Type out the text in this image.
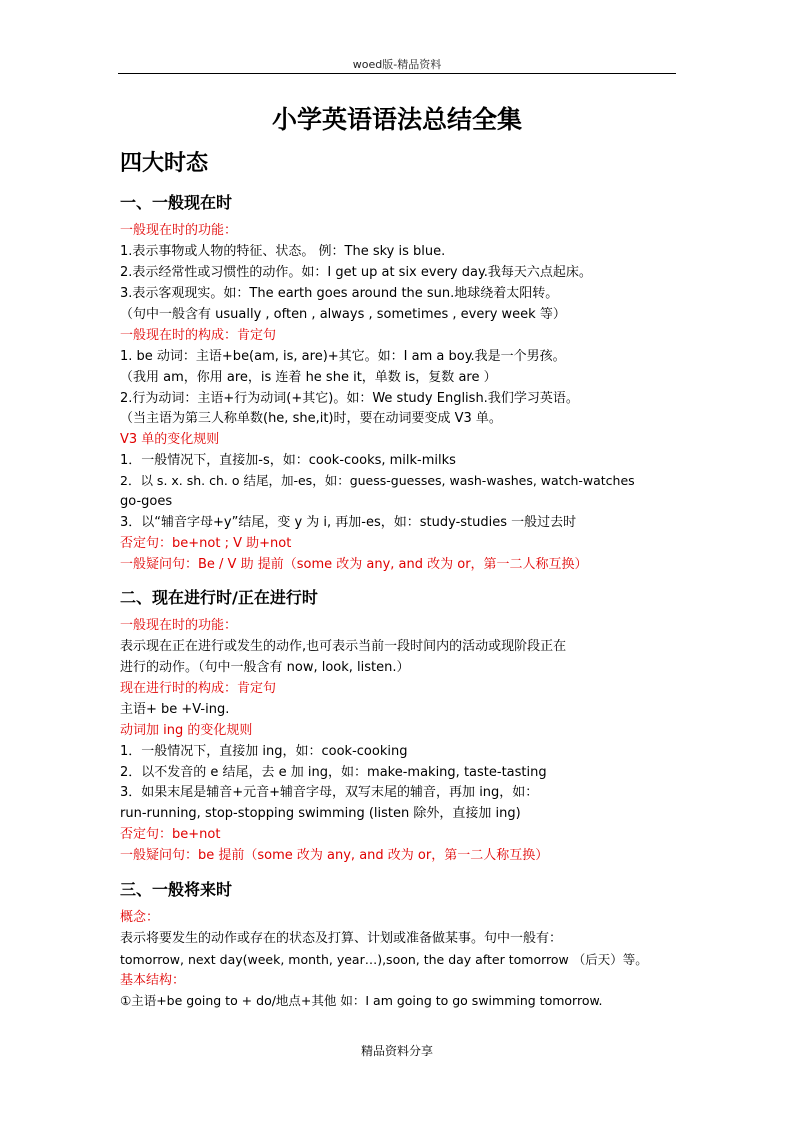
woed版-精品资料
小学英语语法总结全集
四大时态
一、一般现在时
一般现在时的功能：
1.表示事物或人物的特征、状态。 例：The sky is blue.
2.表示经常性或习惯性的动作。如：I get up at six every day.我每天六点起床。
3.表示客观现实。如：The earth goes around the sun.地球绕着太阳转。
（句中一般含有 usually , often , always , sometimes , every week 等）
一般现在时的构成：肯定句
1. be 动词：主语+be(am, is, are)+其它。如：I am a boy.我是一个男孩。
（我用 am，你用 are，is 连着 he she it，单数 is，复数 are ）
2.行为动词：主语+行为动词(+其它)。如：We study English.我们学习英语。
（当主语为第三人称单数(he, she,it)时，要在动词要变成 V3 单。
V3 单的变化规则
1．一般情况下，直接加-s，如：cook-cooks, milk-milks
2．以 s. x. sh. ch. o 结尾，加-es，如：guess-guesses, wash-washes, watch-watches
go-goes
3．以“辅音字母+y”结尾，变 y 为 i, 再加-es，如：study-studies 一般过去时
否定句：be+not ; V 助+not
一般疑问句：Be / V 助 提前（some 改为 any, and 改为 or，第一二人称互换）
二、现在进行时/正在进行时
一般现在时的功能：
表示现在正在进行或发生的动作,也可表示当前一段时间内的活动或现阶段正在
进行的动作。（句中一般含有 now, look, listen.）
现在进行时的构成：肯定句
主语+ be +V-ing.
动词加 ing 的变化规则
1．一般情况下，直接加 ing，如：cook-cooking
2．以不发音的 e 结尾，去 e 加 ing，如：make-making, taste-tasting
3．如果末尾是辅音+元音+辅音字母，双写末尾的辅音，再加 ing，如：
run-running, stop-stopping swimming (listen 除外，直接加 ing)
否定句：be+not
一般疑问句：be 提前（some 改为 any, and 改为 or，第一二人称互换）
三、一般将来时
概念：
表示将要发生的动作或存在的状态及打算、计划或准备做某事。句中一般有：
tomorrow, next day(week, month, year…),soon, the day after tomorrow （后天）等。
基本结构：
①主语+be going to + do/地点+其他 如：I am going to go swimming tomorrow.
精品资料分享
